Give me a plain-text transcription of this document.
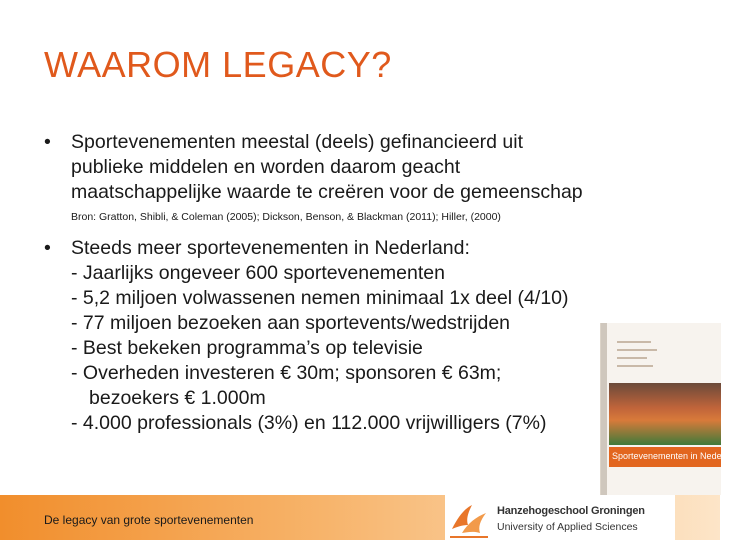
WAAROM LEGACY?
• Sportevenementen meestal (deels) gefinancieerd uit
publieke middelen en worden daarom geacht
maatschappelijke waarde te creëren voor de gemeenschap
Bron: Gratton, Shibli, & Coleman (2005); Dickson, Benson, & Blackman (2011); Hiller, (2000)
• Steeds meer sportevenementen in Nederland:
- Jaarlijks ongeveer 600 sportevenementen
- 5,2 miljoen volwassenen nemen minimaal 1x deel (4/10)
- 77 miljoen bezoeken aan sportevents/wedstrijden
- Best bekeken programma’s op televisie
- Overheden investeren € 30m; sponsoren € 63m;
bezoekers € 1.000m
- 4.000 professionals (3%) en 112.000 vrijwilligers (7%)
Sportevenementen in Nederland
De legacy van grote sportevenementen
Hanzehogeschool Groningen
University of Applied Sciences
3
